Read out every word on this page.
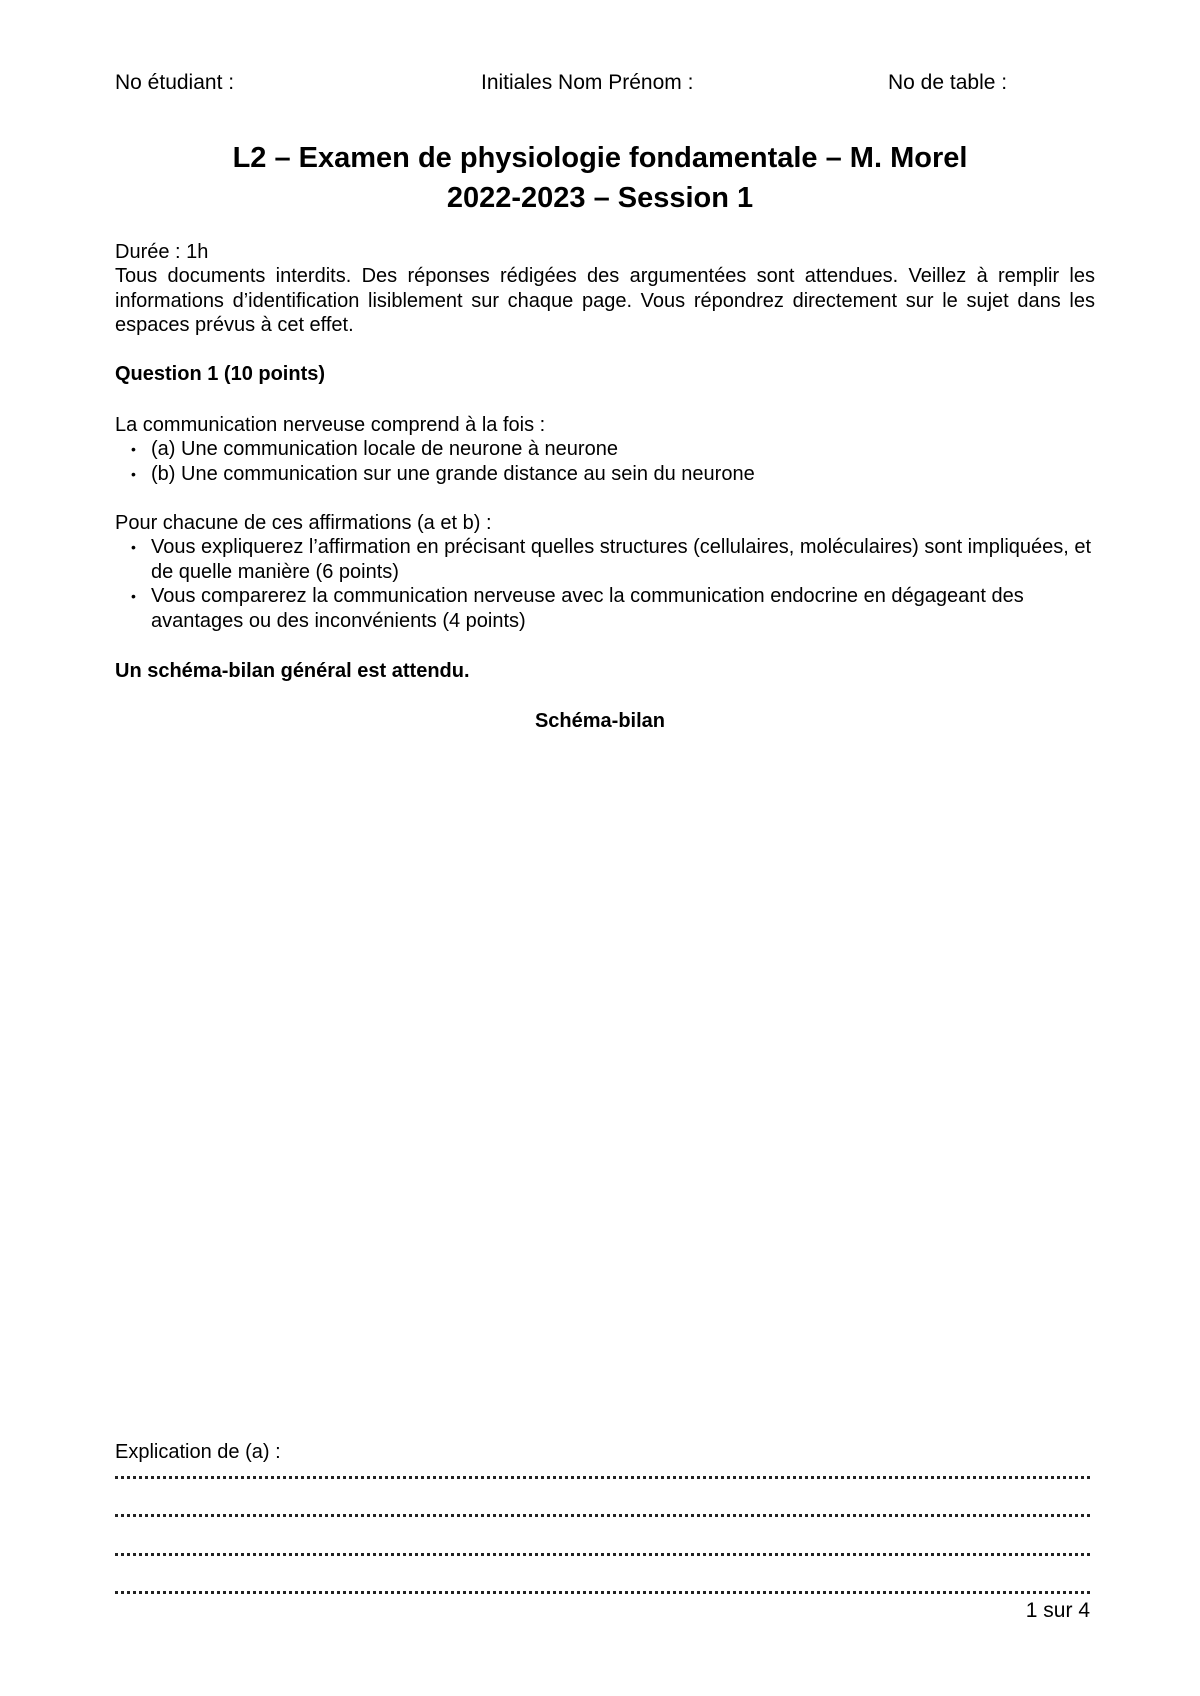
No étudiant :	Initiales Nom Prénom :	No de table :
L2 – Examen de physiologie fondamentale – M. Morel
2022-2023 – Session 1
Durée : 1h
Tous documents interdits. Des réponses rédigées des argumentées sont attendues. Veillez à remplir les informations d’identification lisiblement sur chaque page. Vous répondrez directement sur le sujet dans les espaces prévus à cet effet.
Question 1 (10 points)
La communication nerveuse comprend à la fois :
• (a) Une communication locale de neurone à neurone
• (b) Une communication sur une grande distance au sein du neurone
Pour chacune de ces affirmations (a et b) :
• Vous expliquerez l’affirmation en précisant quelles structures (cellulaires, moléculaires) sont impliquées, et de quelle manière (6 points)
• Vous comparerez la communication nerveuse avec la communication endocrine en dégageant des avantages ou des inconvénients (4 points)
Un schéma-bilan général est attendu.
Schéma-bilan
Explication de (a) :
1 sur 4
